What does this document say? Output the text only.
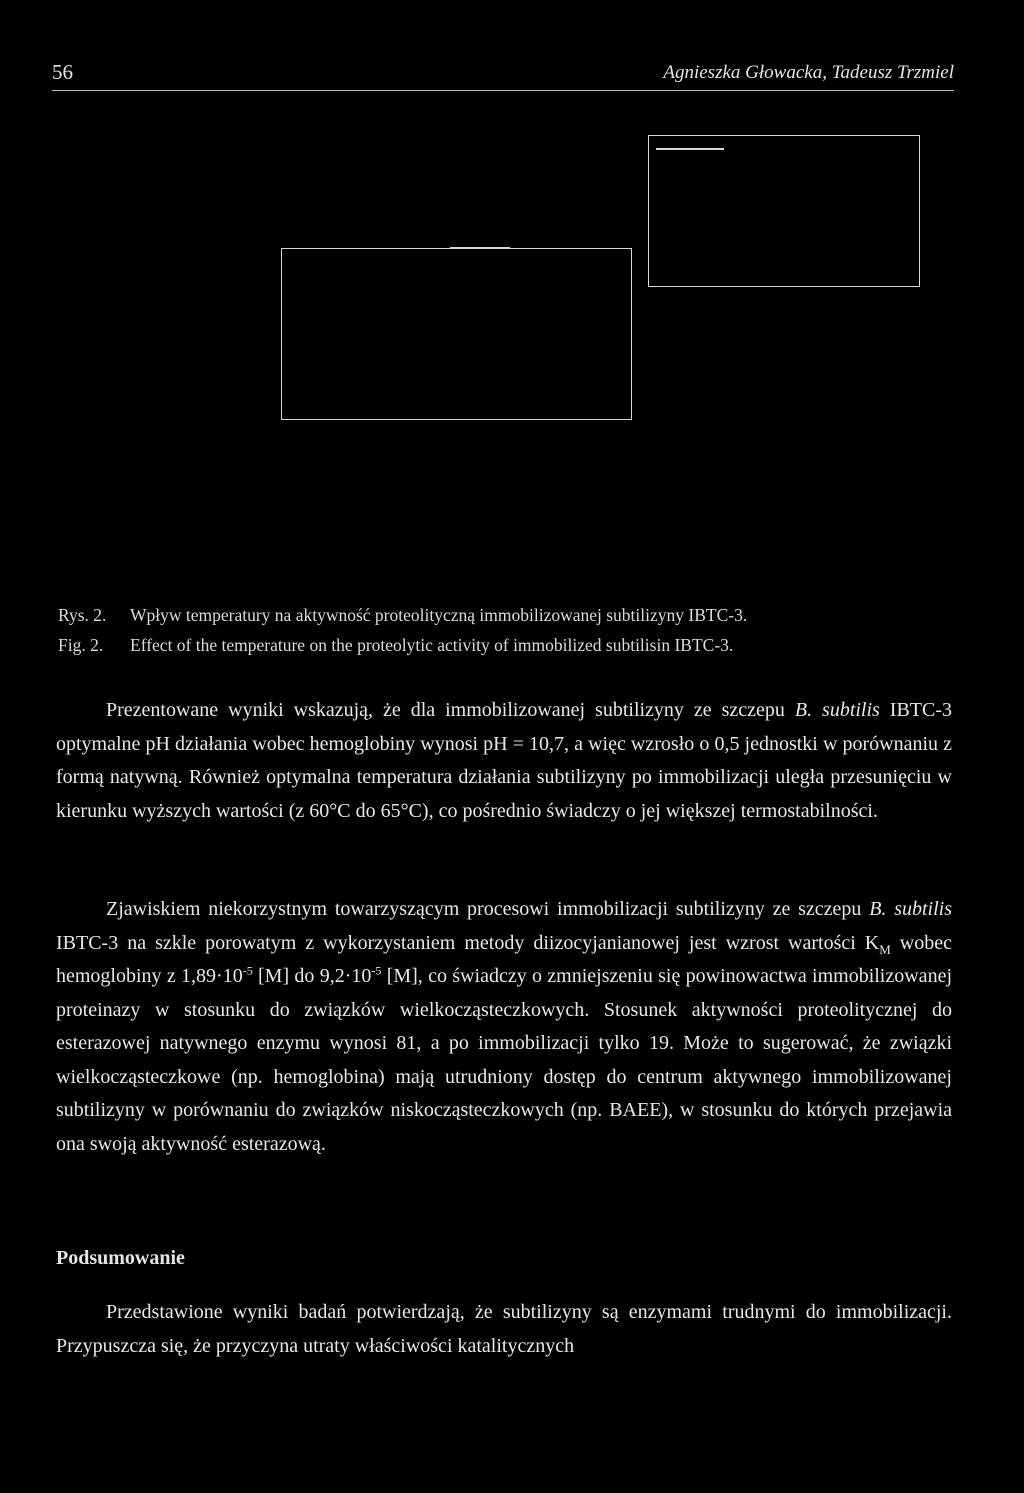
56	Agnieszka Głowacka, Tadeusz Trzmiel
Rys. 2. Wpływ temperatury na aktywność proteolityczną immobilizowanej subtilizyny IBTC-3.
Fig. 2. Effect of the temperature on the proteolytic activity of immobilized subtilisin IBTC-3.

Prezentowane wyniki wskazują, że dla immobilizowanej subtilizyny ze szczepu B. subtilis IBTC-3 optymalne pH działania wobec hemoglobiny wynosi pH = 10,7, a więc wzrosło o 0,5 jednostki w porównaniu z formą natywną. Również optymalna temperatura działania subtilizyny po immobilizacji uległa przesunięciu w kierunku wyższych wartości (z 60°C do 65°C), co pośrednio świadczy o jej większej termostabilności.

Zjawiskiem niekorzystnym towarzyszącym procesowi immobilizacji subtilizyny ze szczepu B. subtilis IBTC-3 na szkle porowatym z wykorzystaniem metody diizocyjanianowej jest wzrost wartości $K_M$ wobec hemoglobiny z $1,89\cdot 10^{-5}$ [M] do $9,2\cdot 10^{-5}$ [M], co świadczy o zmniejszeniu się powinowactwa immobilizowanej proteinazy w stosunku do związków wielkocząsteczkowych. Stosunek aktywności proteolitycznej do esterazowej natywnego enzymu wynosi 81, a po immobilizacji tylko 19. Może to sugerować, że związki wielkocząsteczkowe (np. hemoglobina) mają utrudniony dostęp do centrum aktywnego immobilizowanej subtilizyny w porównaniu do związków niskocząsteczkowych (np. BAEE), w stosunku do których przejawia ona swoją aktywność esterazową.

Podsumowanie

Przedstawione wyniki badań potwierdzają, że subtilizyny są enzymami trudnymi do immobilizacji. Przypuszcza się, że przyczyna utraty właściwości katalitycznych
